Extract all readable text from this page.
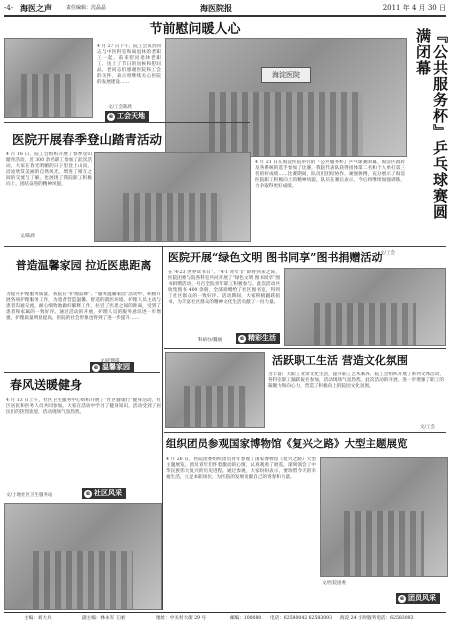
-4- 海医之声	责任编辑：沈晶晶	海医院报	2011 年 4 月 30 日
节前慰问暖人心
4 月 27 日下午，院工会负责同志与中医科室和离退休的老职工一起，前来慰问退休老职工，送上了节日的问候和慰问品，老同志们感谢医院和工会的关怀，表示将继续关心医院的发展建设……
文/工会陈欣
e 工会天地
海淀医院	『公共服务杯』乒乓球赛圆满闭幕
4 月 21 日在海淀医院举行的『公共服务杯』乒乓球赛闭幕，海淀区政府及各系统的选手参加了比赛，我院代表队获得团体第二名和个人单打第三名的好成绩……比赛期间，队员们团结协作、顽强拼搏，充分展示了海淀医院职工积极向上的精神风貌。队员在赛后表示，今后将继续加强训练，力争取得更好成绩。
文/工会
医院开展春季登山踏青活动
4 月 16 日，院工会组织开展了春季登山踏青活动，近 300 余名职工参加了此次活动。大家在春光明媚的日子里登上山顶，沿途欣赏美丽的自然风光，增进了相互之间的交流与了解，也展现了我院职工积极向上、团结奋进的精神风貌。
文/陈欣
医院开展“绿色文明 图书同享”图书捐赠活动
在“4·23 世界读书日”、“4·1 青年节”即将到来之际，医院团委与院各科室共同开展了“绿色文明 图书同享”图书捐赠活动，号召全院青年职工积极参与。此次活动共收集图书 400 余册，全部捐赠给了社区图书室，得到了社区群众的一致好评。活动期间，大家积极踊跃捐书，为丰富社区群众的精神文化生活贡献了一份力量。
科研办/魏丽	e 精彩生活
普造温馨家园 拉近医患距离
为提升护理服务质量，我院在“护理品牌”、“服务温馨家园”活动中，积极开展各项护理服务工作，为患者营造温馨、舒适的就医环境。护理人员主动与患者沟通交流，耐心细致地做好解释工作，拉近了医患之间的距离，受到了患者和家属的一致好评。通过活动的开展，护理人员的服务意识进一步增强，护理质量明显提高，医院的社会形象也得到了进一步提升……
e 温馨家园	活跃职工生活 营造文化氛围
为丰富广大职工业余文化生活，提升职工艺术素养，院工会组织开展了系列文体活动，各科室职工踊跃报名参加，活动现场气氛热烈。此次活动的开展，进一步增强了职工的凝聚力和向心力，营造了积极向上的院园文化氛围。
文/工会
春风送暖健身
4 月 13 日上午，社区卫生服务中心组织开展了“社区健康行”健身活动，社区居民和医务人员共同参加。大家在活动中学习了健身知识，活动受到了居民们的热烈欢迎，活动现场气氛热烈。
文/上地社区卫生服务站	e 社区风采
组织团员参观国家博物馆《复兴之路》大型主题展览
4 月 26 日，医院团委组织团员青年参观了国家博物馆《复兴之路》大型主题展览。团员青年们怀着激动的心情，认真观看了展览，深刻领会了中华民族伟大复兴的历史进程。通过参观，大家纷纷表示，要珍惜今天的幸福生活，立足本职岗位，为医院的发展贡献自己的青春和力量。
文/医院团委
e 团员风采
主编：刘大兵	副主编：林永军 王丽	地址：中关村大街 29 号	邮编：100080 电话：62580042 62583093 海淀 24 小时服务电话：62583093
